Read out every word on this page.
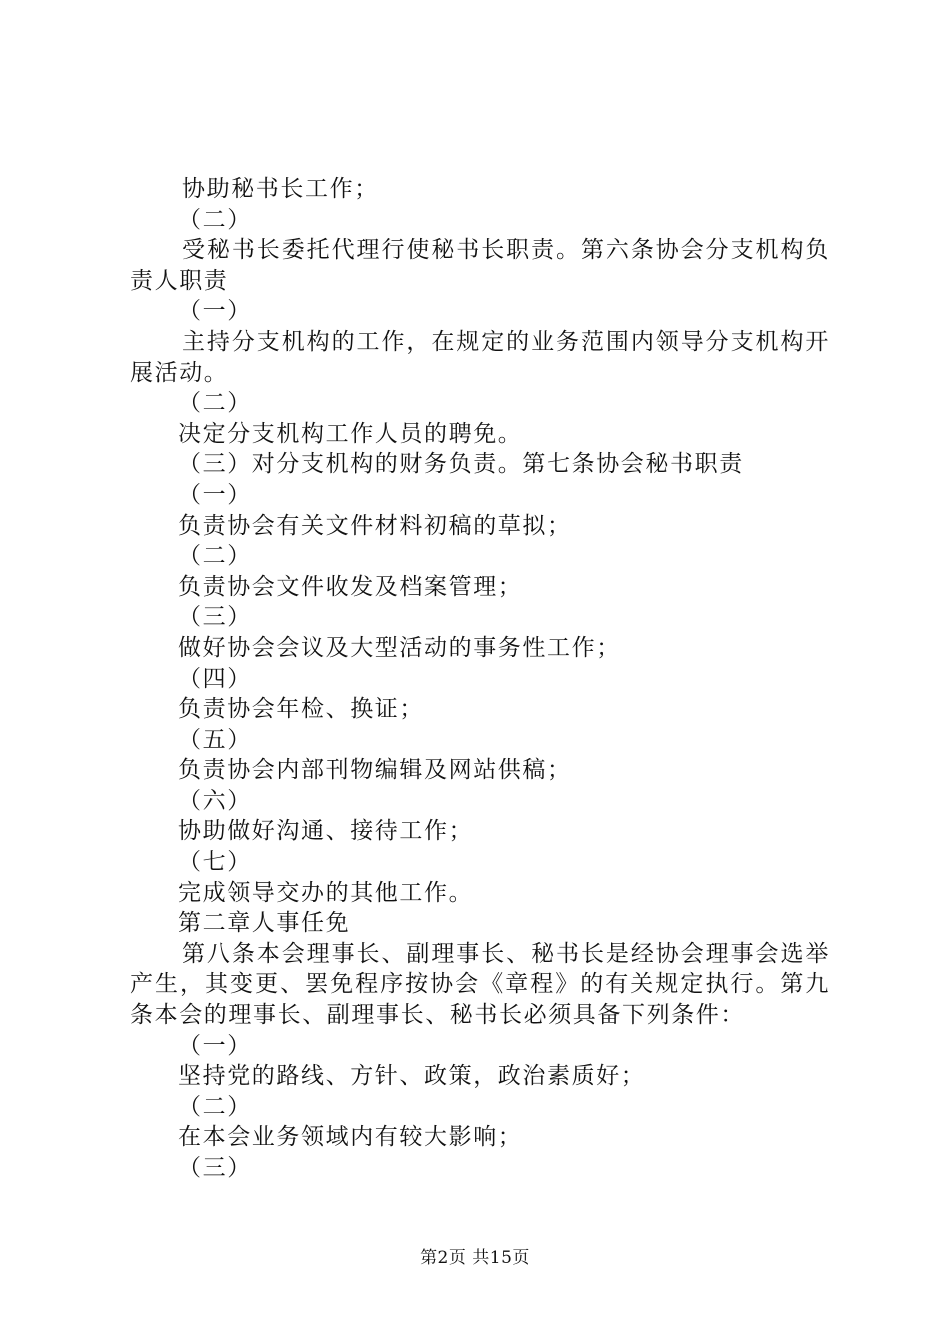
协助秘书长工作；
（二）
受秘书长委托代理行使秘书长职责。第六条协会分支机构负责人职责
（一）
主持分支机构的工作，在规定的业务范围内领导分支机构开展活动。
（二）
决定分支机构工作人员的聘免。
（三）对分支机构的财务负责。第七条协会秘书职责
（一）
负责协会有关文件材料初稿的草拟；
（二）
负责协会文件收发及档案管理；
（三）
做好协会会议及大型活动的事务性工作；
（四）
负责协会年检、换证；
（五）
负责协会内部刊物编辑及网站供稿；
（六）
协助做好沟通、接待工作；
（七）
完成领导交办的其他工作。
第二章人事任免
第八条本会理事长、副理事长、秘书长是经协会理事会选举产生，其变更、罢免程序按协会《章程》的有关规定执行。第九条本会的理事长、副理事长、秘书长必须具备下列条件：
（一）
坚持党的路线、方针、政策，政治素质好；
（二）
在本会业务领域内有较大影响；
（三）
第2页 共15页
